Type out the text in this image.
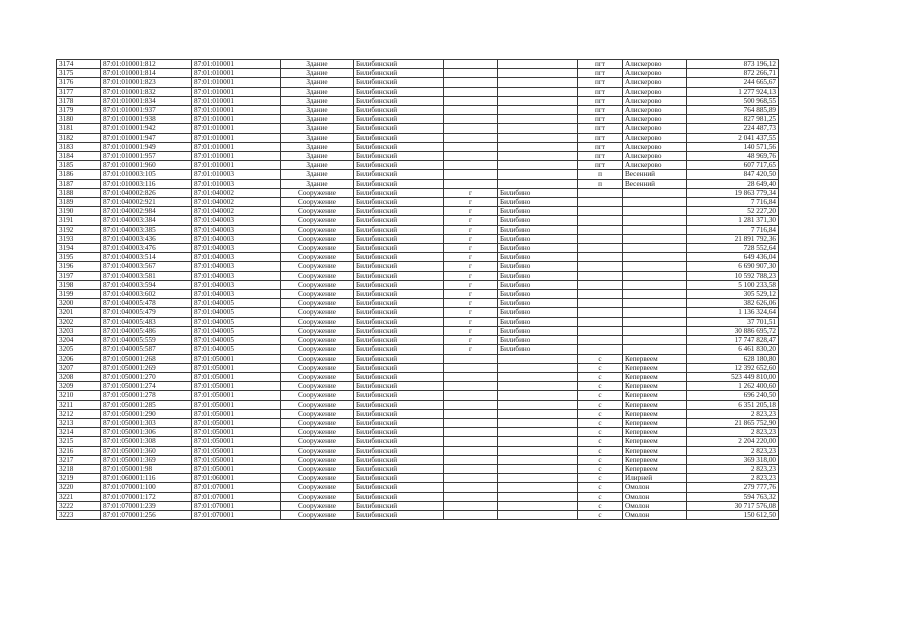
3174	87:01:010001:812	87:01:010001	Здание	Билибинский			пгт	Алискерово	873 196,12
3175	87:01:010001:814	87:01:010001	Здание	Билибинский			пгт	Алискерово	872 266,71
3176	87:01:010001:823	87:01:010001	Здание	Билибинский			пгт	Алискерово	244 665,67
3177	87:01:010001:832	87:01:010001	Здание	Билибинский			пгт	Алискерово	1 277 924,13
3178	87:01:010001:834	87:01:010001	Здание	Билибинский			пгт	Алискерово	500 968,55
3179	87:01:010001:937	87:01:010001	Здание	Билибинский			пгт	Алискерово	764 885,89
3180	87:01:010001:938	87:01:010001	Здание	Билибинский			пгт	Алискерово	827 981,25
3181	87:01:010001:942	87:01:010001	Здание	Билибинский			пгт	Алискерово	224 487,73
3182	87:01:010001:947	87:01:010001	Здание	Билибинский			пгт	Алискерово	2 041 437,55
3183	87:01:010001:949	87:01:010001	Здание	Билибинский			пгт	Алискерово	140 571,56
3184	87:01:010001:957	87:01:010001	Здание	Билибинский			пгт	Алискерово	48 969,76
3185	87:01:010001:960	87:01:010001	Здание	Билибинский			пгт	Алискерово	607 717,65
3186	87:01:010003:105	87:01:010003	Здание	Билибинский			п	Весенний	847 420,50
3187	87:01:010003:116	87:01:010003	Здание	Билибинский			п	Весенний	28 649,40
3188	87:01:040002:826	87:01:040002	Сооружение	Билибинский	г	Билибино			19 863 779,34
3189	87:01:040002:921	87:01:040002	Сооружение	Билибинский	г	Билибино			7 716,84
3190	87:01:040002:984	87:01:040002	Сооружение	Билибинский	г	Билибино			52 227,20
3191	87:01:040003:384	87:01:040003	Сооружение	Билибинский	г	Билибино			1 281 371,30
3192	87:01:040003:385	87:01:040003	Сооружение	Билибинский	г	Билибино			7 716,84
3193	87:01:040003:436	87:01:040003	Сооружение	Билибинский	г	Билибино			21 891 792,36
3194	87:01:040003:476	87:01:040003	Сооружение	Билибинский	г	Билибино			728 552,64
3195	87:01:040003:514	87:01:040003	Сооружение	Билибинский	г	Билибино			649 436,04
3196	87:01:040003:567	87:01:040003	Сооружение	Билибинский	г	Билибино			6 690 907,30
3197	87:01:040003:581	87:01:040003	Сооружение	Билибинский	г	Билибино			10 592 788,23
3198	87:01:040003:594	87:01:040003	Сооружение	Билибинский	г	Билибино			5 100 233,58
3199	87:01:040003:602	87:01:040003	Сооружение	Билибинский	г	Билибино			305 529,12
3200	87:01:040005:478	87:01:040005	Сооружение	Билибинский	г	Билибино			382 626,06
3201	87:01:040005:479	87:01:040005	Сооружение	Билибинский	г	Билибино			1 136 324,64
3202	87:01:040005:483	87:01:040005	Сооружение	Билибинский	г	Билибино			37 701,51
3203	87:01:040005:486	87:01:040005	Сооружение	Билибинский	г	Билибино			30 886 695,72
3204	87:01:040005:559	87:01:040005	Сооружение	Билибинский	г	Билибино			17 747 828,47
3205	87:01:040005:587	87:01:040005	Сооружение	Билибинский	г	Билибино			6 461 830,20
3206	87:01:050001:268	87:01:050001	Сооружение	Билибинский			с	Кепервеем	628 180,80
3207	87:01:050001:269	87:01:050001	Сооружение	Билибинский			с	Кепервеем	12 392 652,60
3208	87:01:050001:270	87:01:050001	Сооружение	Билибинский			с	Кепервеем	523 449 810,00
3209	87:01:050001:274	87:01:050001	Сооружение	Билибинский			с	Кепервеем	1 262 400,60
3210	87:01:050001:278	87:01:050001	Сооружение	Билибинский			с	Кепервеем	696 240,50
3211	87:01:050001:285	87:01:050001	Сооружение	Билибинский			с	Кепервеем	6 351 205,18
3212	87:01:050001:290	87:01:050001	Сооружение	Билибинский			с	Кепервеем	2 823,23
3213	87:01:050001:303	87:01:050001	Сооружение	Билибинский			с	Кепервеем	21 865 752,90
3214	87:01:050001:306	87:01:050001	Сооружение	Билибинский			с	Кепервеем	2 823,23
3215	87:01:050001:308	87:01:050001	Сооружение	Билибинский			с	Кепервеем	2 204 220,00
3216	87:01:050001:360	87:01:050001	Сооружение	Билибинский			с	Кепервеем	2 823,23
3217	87:01:050001:369	87:01:050001	Сооружение	Билибинский			с	Кепервеем	369 318,00
3218	87:01:050001:98	87:01:050001	Сооружение	Билибинский			с	Кепервеем	2 823,23
3219	87:01:060001:116	87:01:060001	Сооружение	Билибинский			с	Илирней	2 823,23
3220	87:01:070001:100	87:01:070001	Сооружение	Билибинский			с	Омолон	279 777,76
3221	87:01:070001:172	87:01:070001	Сооружение	Билибинский			с	Омолон	594 763,32
3222	87:01:070001:239	87:01:070001	Сооружение	Билибинский			с	Омолон	30 717 576,08
3223	87:01:070001:256	87:01:070001	Сооружение	Билибинский			с	Омолон	150 612,50
